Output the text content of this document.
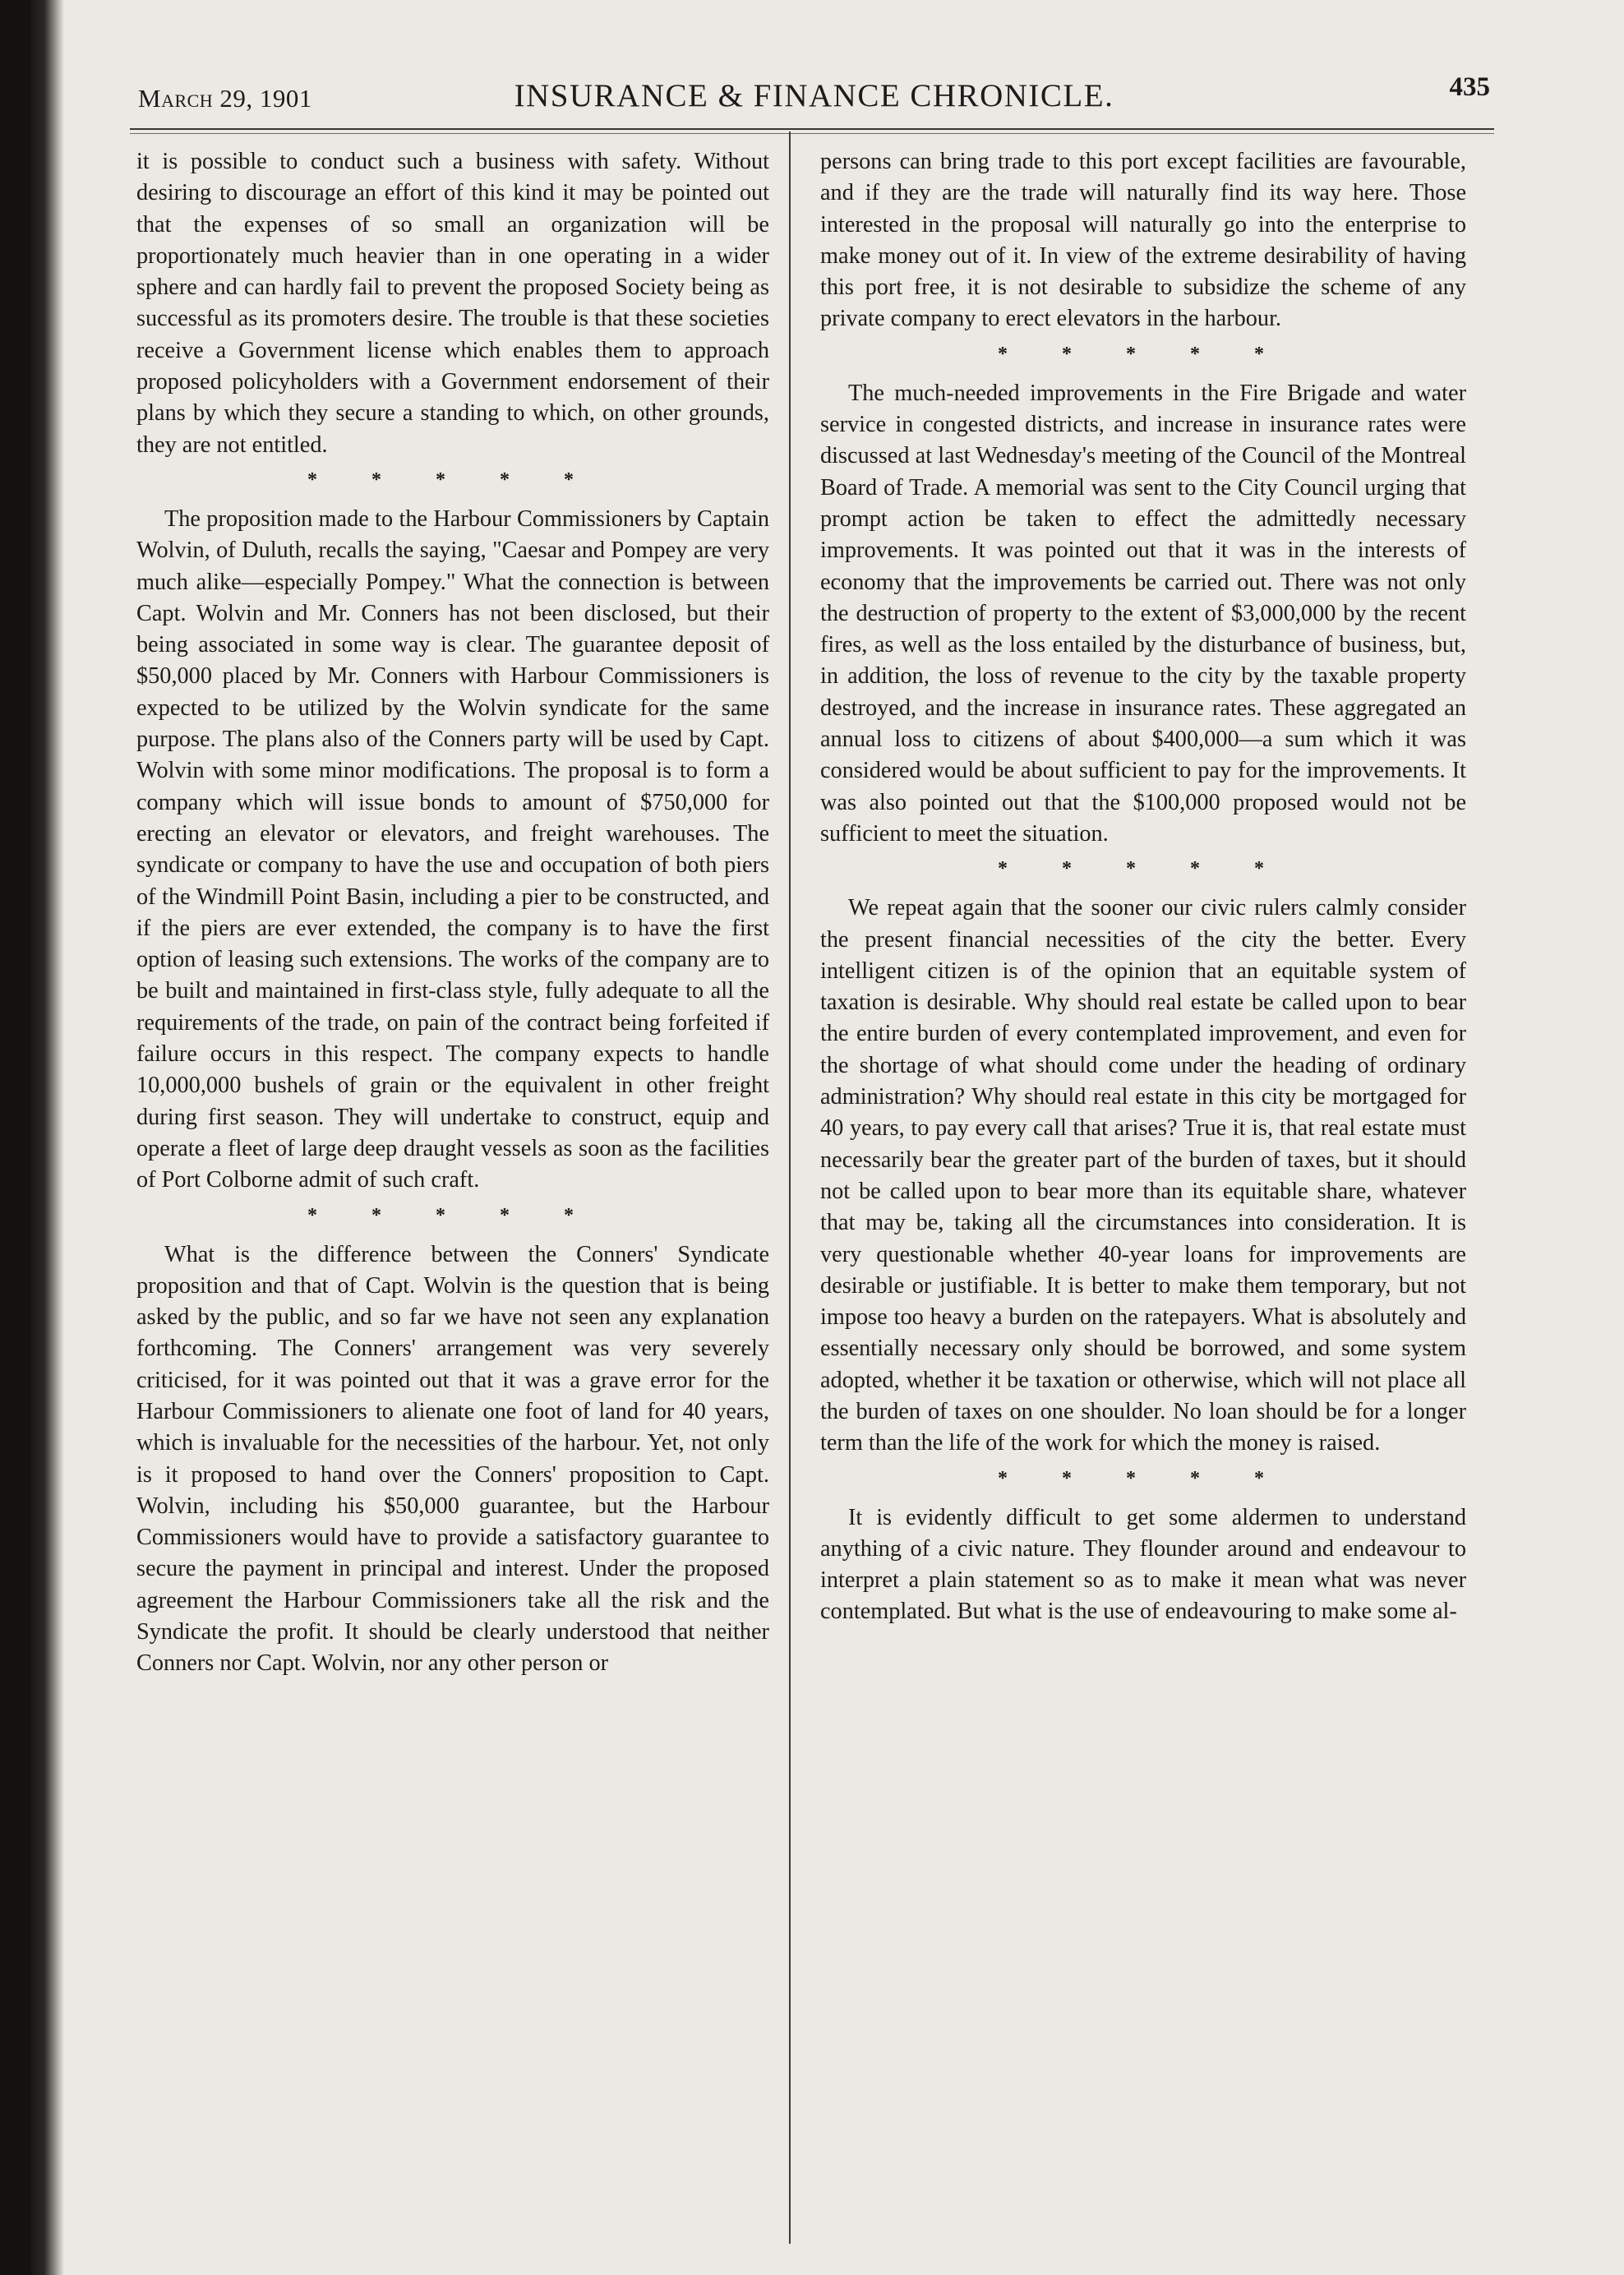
March 29, 1901	INSURANCE & FINANCE CHRONICLE.	435

it is possible to conduct such a business with safety. Without desiring to discourage an effort of this kind it may be pointed out that the expenses of so small an organization will be proportionately much heavier than in one operating in a wider sphere and can hardly fail to prevent the proposed Society being as successful as its promoters desire. The trouble is that these societies receive a Government license which enables them to approach proposed policyholders with a Government endorsement of their plans by which they secure a standing to which, on other grounds, they are not entitled.

* * * * *

The proposition made to the Harbour Commissioners by Captain Wolvin, of Duluth, recalls the saying, "Caesar and Pompey are very much alike—especially Pompey." What the connection is between Capt. Wolvin and Mr. Conners has not been disclosed, but their being associated in some way is clear. The guarantee deposit of $50,000 placed by Mr. Conners with Harbour Commissioners is expected to be utilized by the Wolvin syndicate for the same purpose. The plans also of the Conners party will be used by Capt. Wolvin with some minor modifications. The proposal is to form a company which will issue bonds to amount of $750,000 for erecting an elevator or elevators, and freight warehouses. The syndicate or company to have the use and occupation of both piers of the Windmill Point Basin, including a pier to be constructed, and if the piers are ever extended, the company is to have the first option of leasing such extensions. The works of the company are to be built and maintained in first-class style, fully adequate to all the requirements of the trade, on pain of the contract being forfeited if failure occurs in this respect. The company expects to handle 10,000,000 bushels of grain or the equivalent in other freight during first season. They will undertake to construct, equip and operate a fleet of large deep draught vessels as soon as the facilities of Port Colborne admit of such craft.

* * * * *

What is the difference between the Conners' Syndicate proposition and that of Capt. Wolvin is the question that is being asked by the public, and so far we have not seen any explanation forthcoming. The Conners' arrangement was very severely criticised, for it was pointed out that it was a grave error for the Harbour Commissioners to alienate one foot of land for 40 years, which is invaluable for the necessities of the harbour. Yet, not only is it proposed to hand over the Conners' proposition to Capt. Wolvin, including his $50,000 guarantee, but the Harbour Commissioners would have to provide a satisfactory guarantee to secure the payment in principal and interest. Under the proposed agreement the Harbour Commissioners take all the risk and the Syndicate the profit. It should be clearly understood that neither Conners nor Capt. Wolvin, nor any other person or

persons can bring trade to this port except facilities are favourable, and if they are the trade will naturally find its way here. Those interested in the proposal will naturally go into the enterprise to make money out of it. In view of the extreme desirability of having this port free, it is not desirable to subsidize the scheme of any private company to erect elevators in the harbour.

* * * * *

The much-needed improvements in the Fire Brigade and water service in congested districts, and increase in insurance rates were discussed at last Wednesday's meeting of the Council of the Montreal Board of Trade. A memorial was sent to the City Council urging that prompt action be taken to effect the admittedly necessary improvements. It was pointed out that it was in the interests of economy that the improvements be carried out. There was not only the destruction of property to the extent of $3,000,000 by the recent fires, as well as the loss entailed by the disturbance of business, but, in addition, the loss of revenue to the city by the taxable property destroyed, and the increase in insurance rates. These aggregated an annual loss to citizens of about $400,000—a sum which it was considered would be about sufficient to pay for the improvements. It was also pointed out that the $100,000 proposed would not be sufficient to meet the situation.

* * * * *

We repeat again that the sooner our civic rulers calmly consider the present financial necessities of the city the better. Every intelligent citizen is of the opinion that an equitable system of taxation is desirable. Why should real estate be called upon to bear the entire burden of every contemplated improvement, and even for the shortage of what should come under the heading of ordinary administration? Why should real estate in this city be mortgaged for 40 years, to pay every call that arises? True it is, that real estate must necessarily bear the greater part of the burden of taxes, but it should not be called upon to bear more than its equitable share, whatever that may be, taking all the circumstances into consideration. It is very questionable whether 40-year loans for improvements are desirable or justifiable. It is better to make them temporary, but not impose too heavy a burden on the ratepayers. What is absolutely and essentially necessary only should be borrowed, and some system adopted, whether it be taxation or otherwise, which will not place all the burden of taxes on one shoulder. No loan should be for a longer term than the life of the work for which the money is raised.

* * * * *

It is evidently difficult to get some aldermen to understand anything of a civic nature. They flounder around and endeavour to interpret a plain statement so as to make it mean what was never contemplated. But what is the use of endeavouring to make some al-
